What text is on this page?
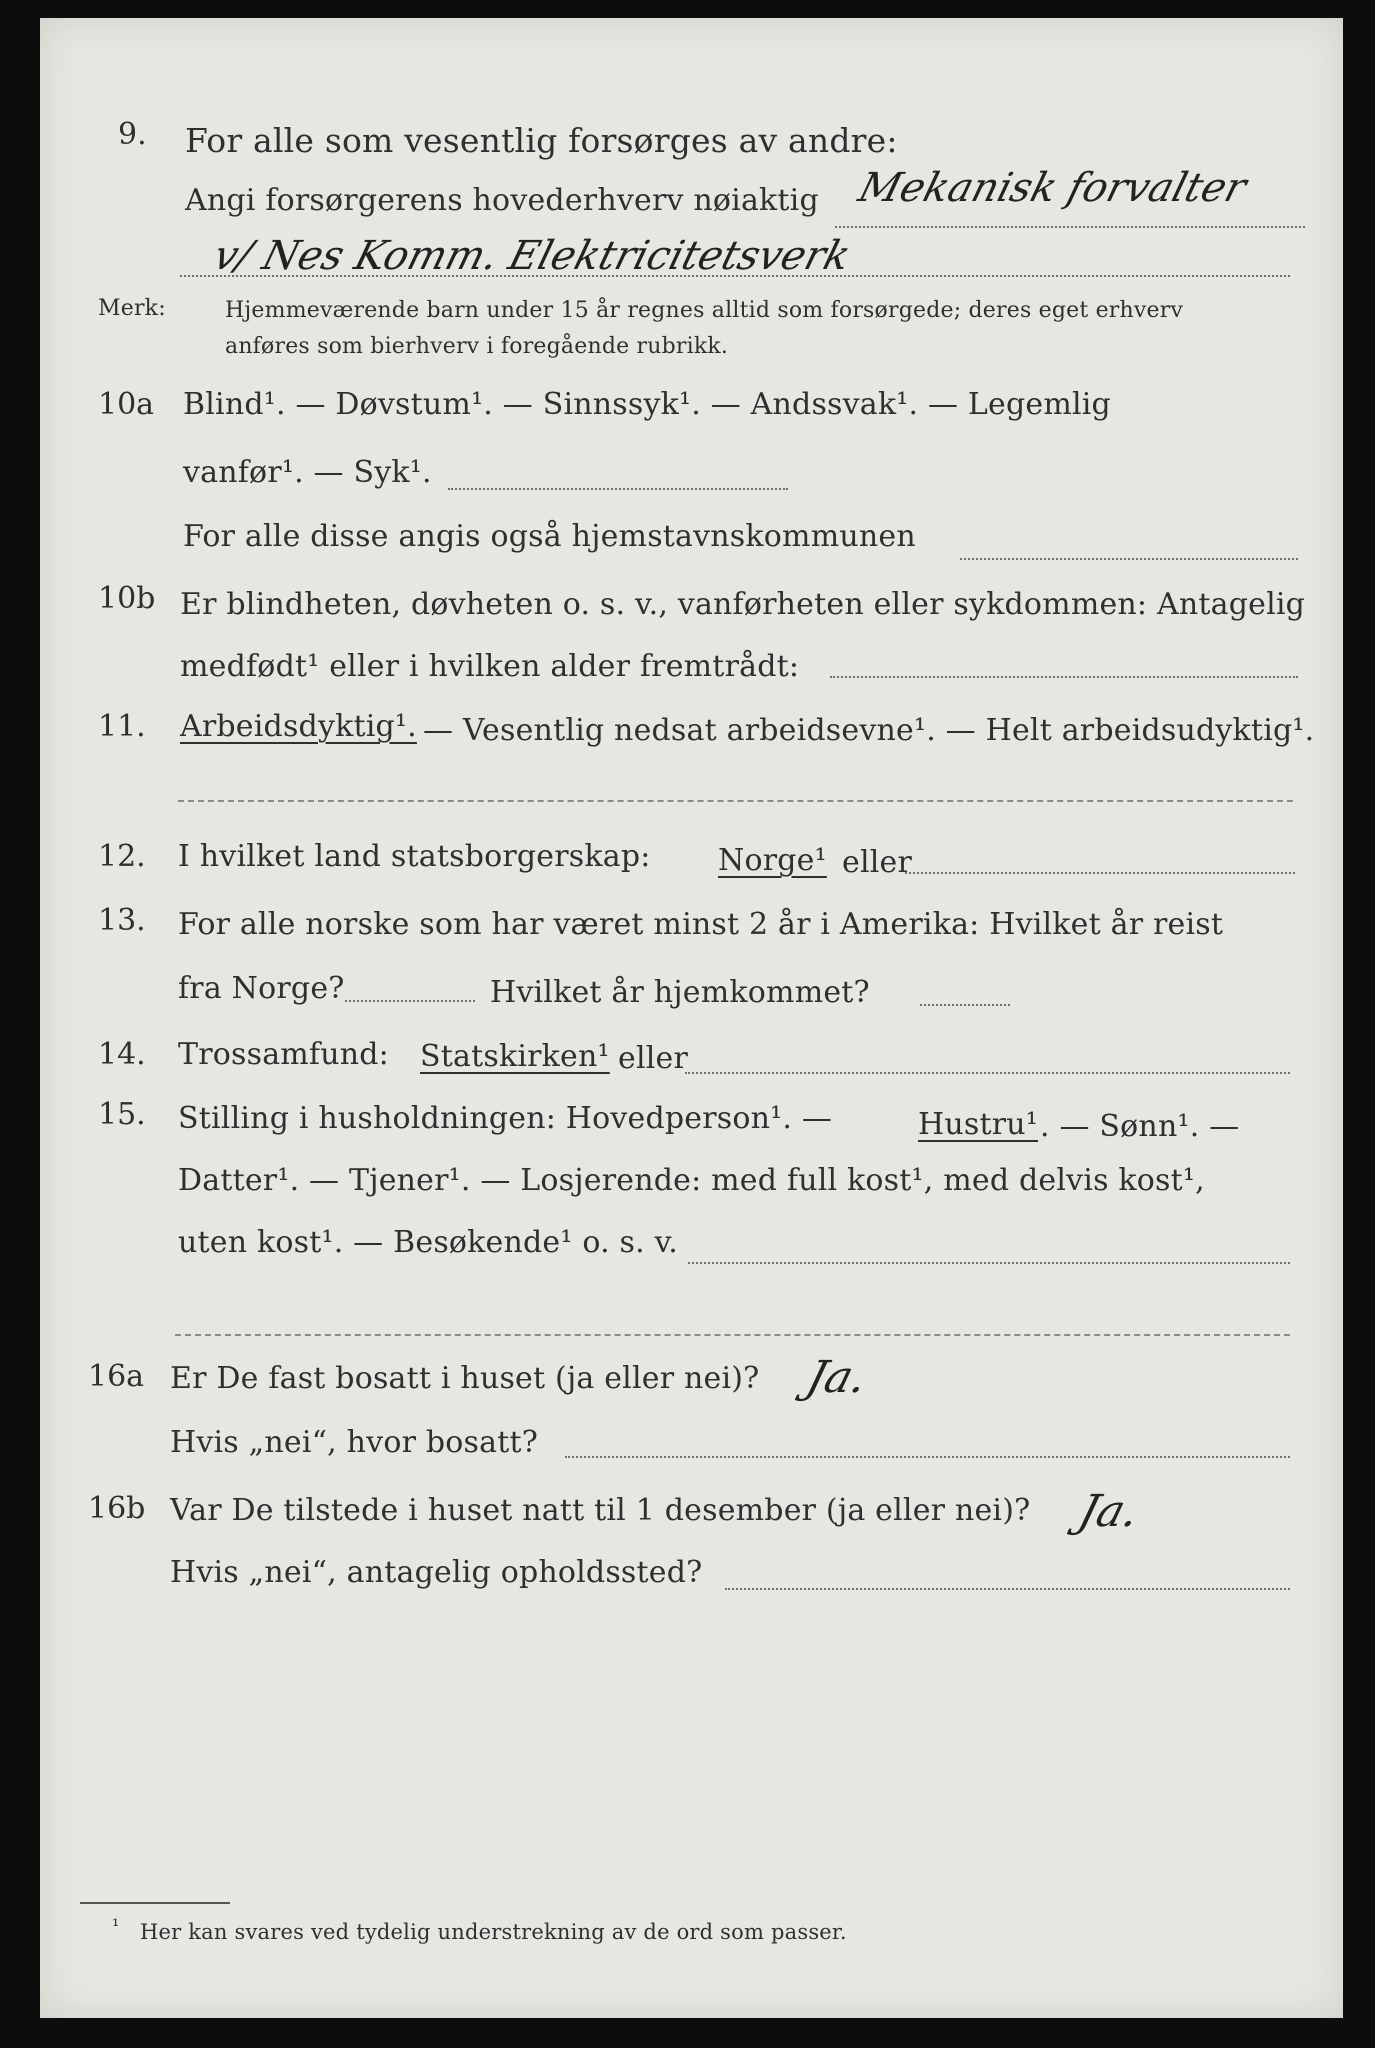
9. For alle som vesentlig forsørges av andre:
Angi forsørgerens hovederhverv nøiaktig Mekanisk forvalter
v/ Nes Komm. Elektricitetsverk
Merk:	Hjemmeværende barn under 15 år regnes alltid som forsørgede; deres eget erhverv
anføres som bierhverv i foregående rubrikk.
10a Blind¹. — Døvstum¹. — Sinnssyk¹. — Andssvak¹. — Legemlig
vanfør¹. — Syk¹.
For alle disse angis også hjemstavnskommunen
10b Er blindheten, døvheten o. s. v., vanførheten eller sykdommen: Antagelig
medfødt¹ eller i hvilken alder fremtrådt:
11. Arbeidsdyktig¹. — Vesentlig nedsat arbeidsevne¹. — Helt arbeidsudyktig¹.
12. I hvilket land statsborgerskap: Norge¹ eller
13. For alle norske som har været minst 2 år i Amerika: Hvilket år reist
fra Norge?	Hvilket år hjemkommet?
14. Trossamfund: Statskirken¹ eller
15. Stilling i husholdningen: Hovedperson¹. —	Hustru¹ . — Sønn¹. —
Datter¹. — Tjener¹. — Losjerende: med full kost¹, med delvis kost¹,
uten kost¹. — Besøkende¹ o. s. v.
16a Er De fast bosatt i huset (ja eller nei)? Ja.
Hvis „nei“, hvor bosatt?
16b Var De tilstede i huset natt til 1 desember (ja eller nei)? Ja.
Hvis „nei“, antagelig opholdssted?
¹ Her kan svares ved tydelig understrekning av de ord som passer.
